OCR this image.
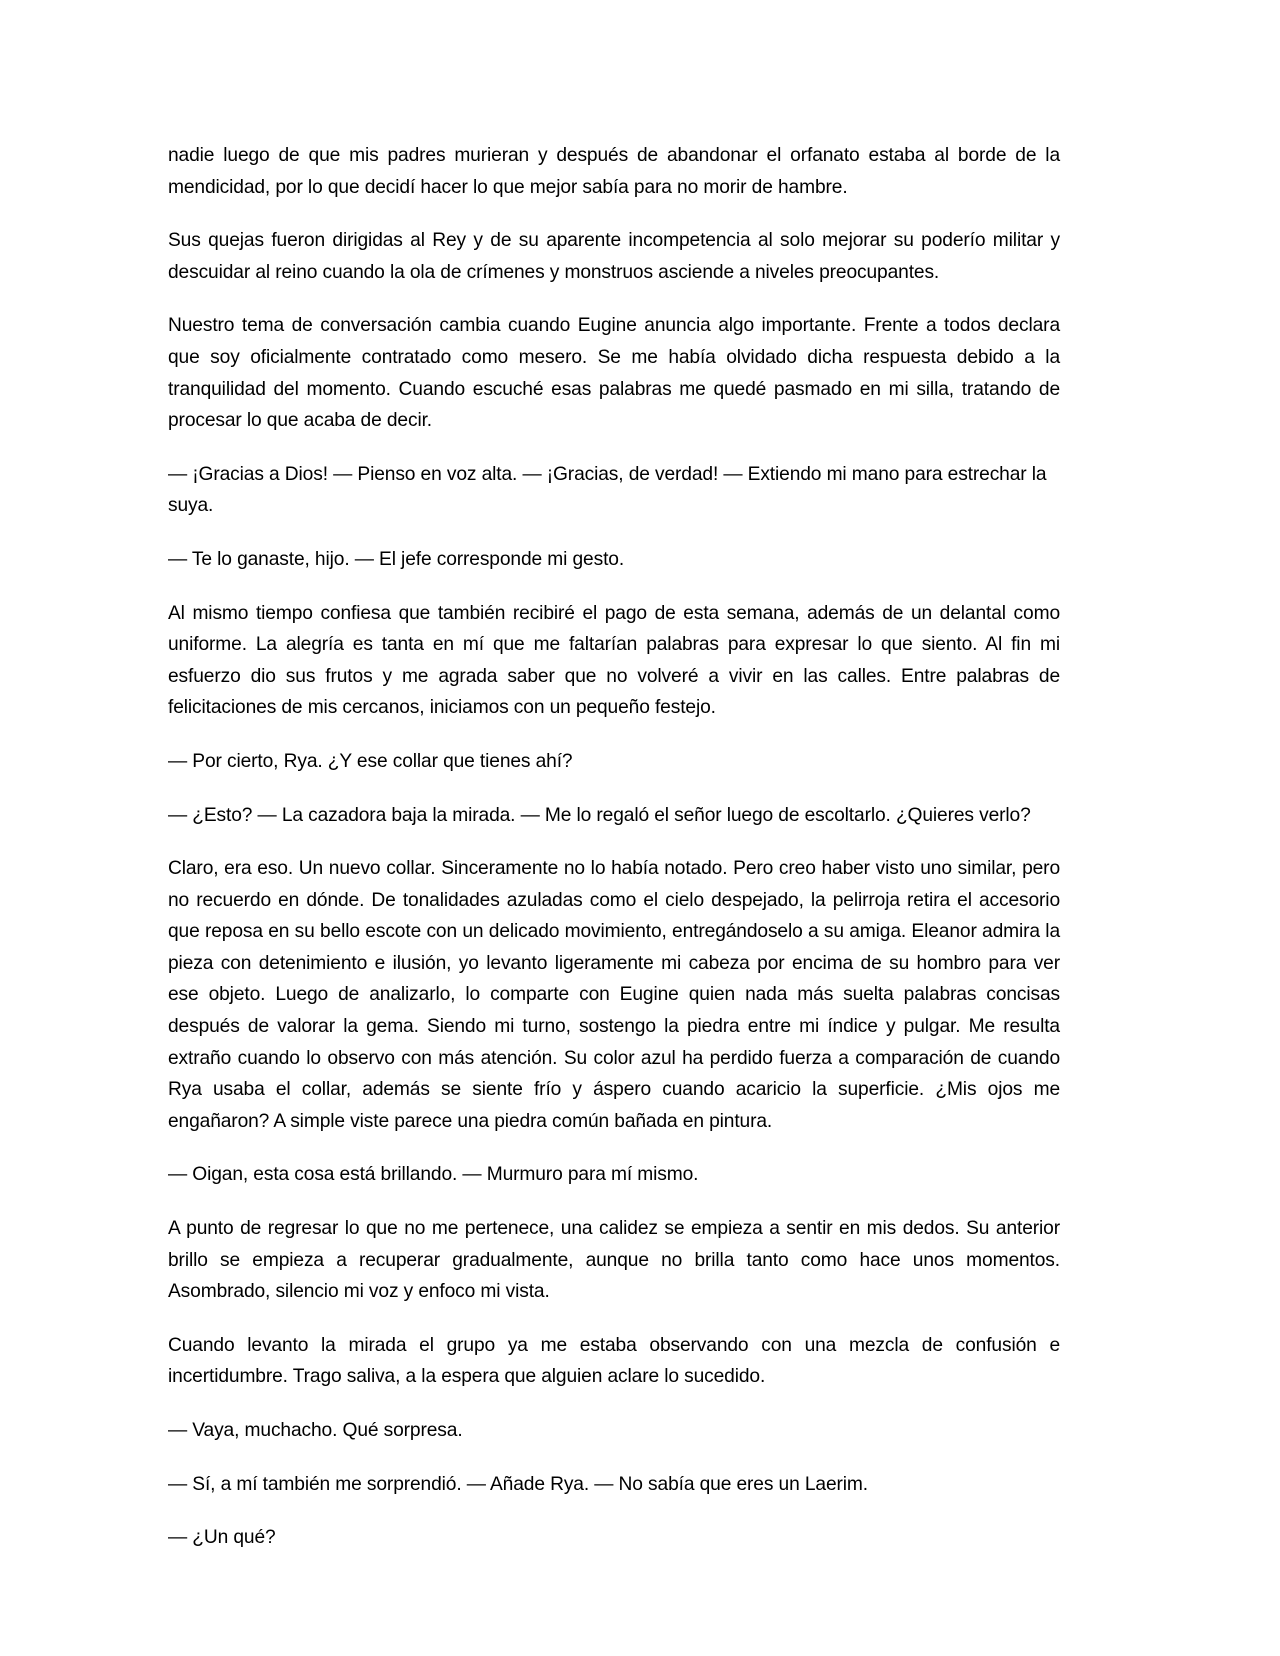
nadie luego de que mis padres murieran y después de abandonar el orfanato estaba al borde de la mendicidad, por lo que decidí hacer lo que mejor sabía para no morir de hambre.

Sus quejas fueron dirigidas al Rey y de su aparente incompetencia al solo mejorar su poderío militar y descuidar al reino cuando la ola de crímenes y monstruos asciende a niveles preocupantes.

Nuestro tema de conversación cambia cuando Eugine anuncia algo importante. Frente a todos declara que soy oficialmente contratado como mesero. Se me había olvidado dicha respuesta debido a la tranquilidad del momento. Cuando escuché esas palabras me quedé pasmado en mi silla, tratando de procesar lo que acaba de decir.

— ¡Gracias a Dios! — Pienso en voz alta. — ¡Gracias, de verdad! — Extiendo mi mano para estrechar la suya.

— Te lo ganaste, hijo. — El jefe corresponde mi gesto.

Al mismo tiempo confiesa que también recibiré el pago de esta semana, además de un delantal como uniforme. La alegría es tanta en mí que me faltarían palabras para expresar lo que siento. Al fin mi esfuerzo dio sus frutos y me agrada saber que no volveré a vivir en las calles. Entre palabras de felicitaciones de mis cercanos, iniciamos con un pequeño festejo.

— Por cierto, Rya. ¿Y ese collar que tienes ahí?

— ¿Esto? — La cazadora baja la mirada. — Me lo regaló el señor luego de escoltarlo. ¿Quieres verlo?

Claro, era eso. Un nuevo collar. Sinceramente no lo había notado. Pero creo haber visto uno similar, pero no recuerdo en dónde. De tonalidades azuladas como el cielo despejado, la pelirroja retira el accesorio que reposa en su bello escote con un delicado movimiento, entregándoselo a su amiga. Eleanor admira la pieza con detenimiento e ilusión, yo levanto ligeramente mi cabeza por encima de su hombro para ver ese objeto. Luego de analizarlo, lo comparte con Eugine quien nada más suelta palabras concisas después de valorar la gema. Siendo mi turno, sostengo la piedra entre mi índice y pulgar. Me resulta extraño cuando lo observo con más atención. Su color azul ha perdido fuerza a comparación de cuando Rya usaba el collar, además se siente frío y áspero cuando acaricio la superficie. ¿Mis ojos me engañaron? A simple viste parece una piedra común bañada en pintura.

— Oigan, esta cosa está brillando. — Murmuro para mí mismo.

A punto de regresar lo que no me pertenece, una calidez se empieza a sentir en mis dedos. Su anterior brillo se empieza a recuperar gradualmente, aunque no brilla tanto como hace unos momentos. Asombrado, silencio mi voz y enfoco mi vista.

Cuando levanto la mirada el grupo ya me estaba observando con una mezcla de confusión e incertidumbre. Trago saliva, a la espera que alguien aclare lo sucedido.

— Vaya, muchacho. Qué sorpresa.

— Sí, a mí también me sorprendió. — Añade Rya. — No sabía que eres un Laerim.

— ¿Un qué?
